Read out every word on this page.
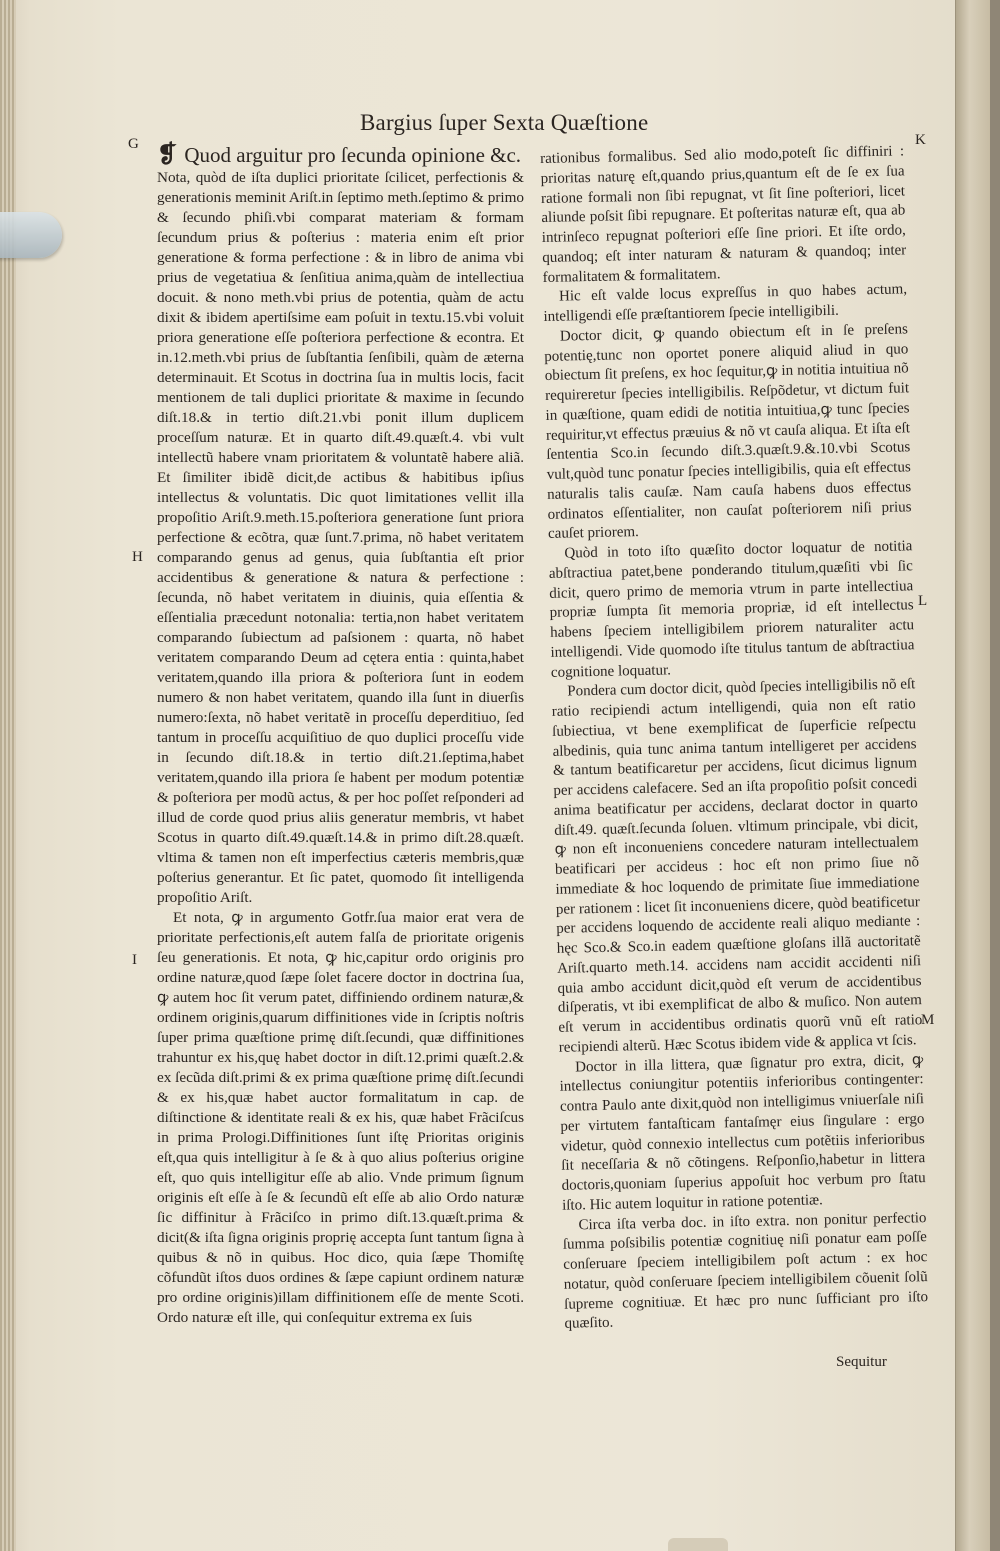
Bargius ſuper Sexta Quæſtione
G
H
I
K
L
M

❡ Quod arguitur pro ſecunda opinione &c.

Nota, quòd de iſta duplici prioritate ſcilicet, perfectionis & generationis meminit Ariſt.in ſeptimo meth.ſeptimo & primo & ſecundo phiſi.vbi comparat materiam & formam ſecundum prius & poſterius : materia enim eſt prior generatione & forma perfectione : & in libro de anima vbi prius de vegetatiua & ſenſitiua anima,quàm de intellectiua docuit. & nono meth.vbi prius de potentia, quàm de actu dixit & ibidem apertiſsime eam poſuit in textu.15.vbi voluit priora generatione eſſe poſteriora perfectione & econtra. Et in.12.meth.vbi prius de ſubſtantia ſenſibili, quàm de æterna determinauit. Et Scotus in doctrina ſua in multis locis, facit mentionem de tali duplici prioritate & maxime in ſecundo diſt.18.& in tertio diſt.21.vbi ponit illum duplicem proceſſum naturæ. Et in quarto diſt.49.quæſt.4. vbi vult intellectũ habere vnam prioritatem & voluntatẽ habere aliã. Et ſimiliter ibidẽ dicit,de actibus & habitibus ipſius intellectus & voluntatis. Dic quot limitationes vellit illa propoſitio Ariſt.9.meth.15.poſteriora generatione ſunt priora perfectione & ecõtra, quæ ſunt.7.prima, nõ habet veritatem comparando genus ad genus, quia ſubſtantia eſt prior accidentibus & generatione & natura & perfectione : ſecunda, nõ habet veritatem in diuinis, quia eſſentia & eſſentialia præcedunt notonalia: tertia,non habet veritatem comparando ſubiectum ad paſsionem : quarta, nõ habet veritatem comparando Deum ad cętera entia : quinta,habet veritatem,quando illa priora & poſteriora ſunt in eodem numero & non habet veritatem, quando illa ſunt in diuerſis numero:ſexta, nõ habet veritatẽ in proceſſu deperditiuo, ſed tantum in proceſſu acquiſitiuo de quo duplici proceſſu vide in ſecundo diſt.18.& in tertio diſt.21.ſeptima,habet veritatem,quando illa priora ſe habent per modum potentiæ & poſteriora per modũ actus, & per hoc poſſet reſponderi ad illud de corde quod prius aliis generatur membris, vt habet Scotus in quarto diſt.49.quæſt.14.& in primo diſt.28.quæſt. vltima & tamen non eſt imperfectius cæteris membris,quæ poſterius generantur. Et ſic patet, quomodo ſit intelligenda propoſitio Ariſt.

Et nota, ꝙ in argumento Gotfr.ſua maior erat vera de prioritate perfectionis,eſt autem falſa de prioritate origenis ſeu generationis. Et nota, ꝙ hic,capitur ordo originis pro ordine naturæ,quod ſæpe ſolet facere doctor in doctrina ſua, ꝙ autem hoc ſit verum patet, diffiniendo ordinem naturæ,& ordinem originis,quarum diffinitiones vide in ſcriptis noſtris ſuper prima quæſtione primę diſt.ſecundi, quæ diffinitiones trahuntur ex his,quę habet doctor in diſt.12.primi quæſt.2.& ex ſecũda diſt.primi & ex prima quæſtione primę diſt.ſecundi & ex his,quæ habet auctor formalitatum in cap. de diſtinctione & identitate reali & ex his, quæ habet Frãciſcus in prima Prologi.Diffinitiones ſunt iſtę Prioritas originis eſt,qua quis intelligitur à ſe & à quo alius poſterius origine eſt, quo quis intelligitur eſſe ab alio. Vnde primum ſignum originis eſt eſſe à ſe & ſecundũ eſt eſſe ab alio Ordo naturæ ſic diffinitur à Frãciſco in primo diſt.13.quæſt.prima & dicit(& iſta ſigna originis proprię accepta ſunt tantum ſigna à quibus & nõ in quibus. Hoc dico, quia ſæpe Thomiſtę cõfundũt iſtos duos ordines & ſæpe capiunt ordinem naturæ pro ordine originis)illam diffinitionem eſſe de mente Scoti. Ordo naturæ eſt ille, qui conſequitur extrema ex ſuis

rationibus formalibus. Sed alio modo,poteſt ſic diffiniri : prioritas naturę eſt,quando prius,quantum eſt de ſe ex ſua ratione formali non ſibi repugnat, vt ſit ſine poſteriori, licet aliunde poſsit ſibi repugnare. Et poſteritas naturæ eſt, qua ab intrinſeco repugnat poſteriori eſſe ſine priori. Et iſte ordo, quandoq; eſt inter naturam & naturam & quandoq; inter formalitatem & formalitatem.

Hic eſt valde locus expreſſus in quo habes actum, intelligendi eſſe præſtantiorem ſpecie intelligibili.

Doctor dicit, ꝙ quando obiectum eſt in ſe preſens potentię,tunc non oportet ponere aliquid aliud in quo obiectum ſit preſens, ex hoc ſequitur,ꝙ in notitia intuitiua nõ requireretur ſpecies intelligibilis. Reſpõdetur, vt dictum fuit in quæſtione, quam edidi de notitia intuitiua,ꝙ tunc ſpecies requiritur,vt effectus præuius & nõ vt cauſa aliqua. Et iſta eſt ſententia Sco.in ſecundo diſt.3.quæſt.9.&.10.vbi Scotus vult,quòd tunc ponatur ſpecies intelligibilis, quia eſt effectus naturalis talis cauſæ. Nam cauſa habens duos effectus ordinatos eſſentialiter, non cauſat poſteriorem niſi prius cauſet priorem.

Quòd in toto iſto quæſito doctor loquatur de notitia abſtractiua patet,bene ponderando titulum,quæſiti vbi ſic dicit, quero primo de memoria vtrum in parte intellectiua propriæ ſumpta ſit memoria propriæ, id eſt intellectus habens ſpeciem intelligibilem priorem naturaliter actu intelligendi. Vide quomodo iſte titulus tantum de abſtractiua cognitione loquatur.

Pondera cum doctor dicit, quòd ſpecies intelligibilis nõ eſt ratio recipiendi actum intelligendi, quia non eſt ratio ſubiectiua, vt bene exemplificat de ſuperficie reſpectu albedinis, quia tunc anima tantum intelligeret per accidens & tantum beatificaretur per accidens, ſicut dicimus lignum per accidens calefacere. Sed an iſta propoſitio poſsit concedi anima beatificatur per accidens, declarat doctor in quarto diſt.49. quæſt.ſecunda ſoluen. vltimum principale, vbi dicit, ꝙ non eſt inconueniens concedere naturam intellectualem beatificari per accideus : hoc eſt non primo ſiue nõ immediate & hoc loquendo de primitate ſiue immediatione per rationem : licet ſit inconueniens dicere, quòd beatificetur per accidens loquendo de accidente reali aliquo mediante : hęc Sco.& Sco.in eadem quæſtione gloſans illã auctoritatẽ Ariſt.quarto meth.14. accidens nam accidit accidenti niſi quia ambo accidunt dicit,quòd eſt verum de accidentibus diſperatis, vt ibi exemplificat de albo & muſico. Non autem eſt verum in accidentibus ordinatis quorũ vnũ eſt ratio recipiendi alterũ. Hæc Scotus ibidem vide & applica vt ſcis.

Doctor in illa littera, quæ ſignatur pro extra, dicit, ꝙ intellectus coniungitur potentiis inferioribus contingenter: contra Paulo ante dixit,quòd non intelligimus vniuerſale niſi per virtutem fantaſticam fantaſmęr eius ſingulare : ergo videtur, quòd connexio intellectus cum potẽtiis inferioribus ſit neceſſaria & nõ cõtingens. Reſponſio,habetur in littera doctoris,quoniam ſuperius appoſuit hoc verbum pro ſtatu iſto. Hic autem loquitur in ratione potentiæ.

Circa iſta verba doc. in iſto extra. non ponitur perfectio ſumma poſsibilis potentiæ cognitiuę niſi ponatur eam poſſe conſeruare ſpeciem intelligibilem poſt actum : ex hoc notatur, quòd conſeruare ſpeciem intelligibilem cõuenit ſolũ ſupreme cognitiuæ. Et hæc pro nunc ſufficiant pro iſto quæſito.

Sequitur
